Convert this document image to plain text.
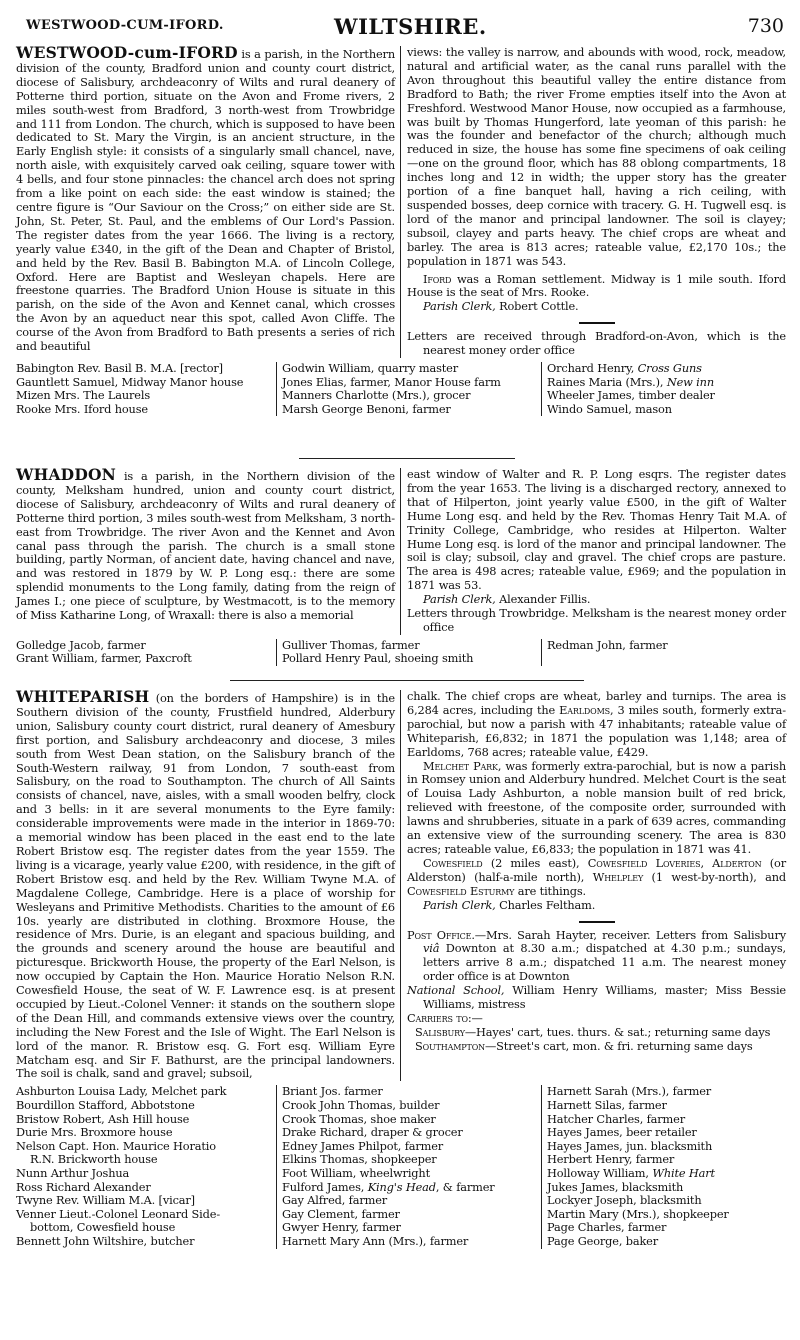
WESTWOOD-CUM-IFORD.	WILTSHIRE.	730

WESTWOOD-cum-IFORD is a parish, in the Northern division of the county, Bradford union and county court district, diocese of Salisbury, archdeaconry of Wilts and rural deanery of Potterne third portion, situate on the Avon and Frome rivers, 2 miles south-west from Bradford, 3 north-west from Trowbridge and 111 from London. The church, which is supposed to have been dedicated to St. Mary the Virgin, is an ancient structure, in the Early English style: it consists of a singularly small chancel, nave, north aisle, with exquisitely carved oak ceiling, square tower with 4 bells, and four stone pinnacles: the chancel arch does not spring from a like point on each side: the east window is stained; the centre figure is “Our Saviour on the Cross;” on either side are St. John, St. Peter, St. Paul, and the emblems of Our Lord's Passion. The register dates from the year 1666. The living is a rectory, yearly value £340, in the gift of the Dean and Chapter of Bristol, and held by the Rev. Basil B. Babington M.A. of Lincoln College, Oxford. Here are Baptist and Wesleyan chapels. Here are freestone quarries. The Bradford Union House is situate in this parish, on the side of the Avon and Kennet canal, which crosses the Avon by an aqueduct near this spot, called Avon Cliffe. The course of the Avon from Bradford to Bath presents a series of rich and beautiful

views: the valley is narrow, and abounds with wood, rock, meadow, natural and artificial water, as the canal runs parallel with the Avon throughout this beautiful valley the entire distance from Bradford to Bath; the river Frome empties itself into the Avon at Freshford. Westwood Manor House, now occupied as a farmhouse, was built by Thomas Hungerford, late yeoman of this parish: he was the founder and benefactor of the church; although much reduced in size, the house has some fine specimens of oak ceiling—one on the ground floor, which has 88 oblong compartments, 18 inches long and 12 in width; the upper story has the greater portion of a fine banquet hall, having a rich ceiling, with suspended bosses, deep cornice with tracery. G. H. Tugwell esq. is lord of the manor and principal landowner. The soil is clayey; subsoil, clayey and parts heavy. The chief crops are wheat and barley. The area is 813 acres; rateable value, £2,170 10s.; the population in 1871 was 543.

Iford was a Roman settlement. Midway is 1 mile south. Iford House is the seat of Mrs. Rooke.

Parish Clerk, Robert Cottle.

Letters are received through Bradford-on-Avon, which is the nearest money order office

Babington Rev. Basil B. M.A. [rector]
Gauntlett Samuel, Midway Manor house
Mizen Mrs. The Laurels
Rooke Mrs. Iford house
Godwin William, quarry master
Jones Elias, farmer, Manor House farm
Manners Charlotte (Mrs.), grocer
Marsh George Benoni, farmer
Orchard Henry, Cross Guns
Raines Maria (Mrs.), New inn
Wheeler James, timber dealer
Windo Samuel, mason

WHADDON is a parish, in the Northern division of the county, Melksham hundred, union and county court district, diocese of Salisbury, archdeaconry of Wilts and rural deanery of Potterne third portion, 3 miles south-west from Melksham, 3 north-east from Trowbridge. The river Avon and the Kennet and Avon canal pass through the parish. The church is a small stone building, partly Norman, of ancient date, having chancel and nave, and was restored in 1879 by W. P. Long esq.: there are some splendid monuments to the Long family, dating from the reign of James I.; one piece of sculpture, by Westmacott, is to the memory of Miss Katharine Long, of Wraxall: there is also a memorial

east window of Walter and R. P. Long esqrs. The register dates from the year 1653. The living is a discharged rectory, annexed to that of Hilperton, joint yearly value £500, in the gift of Walter Hume Long esq. and held by the Rev. Thomas Henry Tait M.A. of Trinity College, Cambridge, who resides at Hilperton. Walter Hume Long esq. is lord of the manor and principal landowner. The soil is clay; subsoil, clay and gravel. The chief crops are pasture. The area is 498 acres; rateable value, £969; and the population in 1871 was 53.

Parish Clerk, Alexander Fillis.

Letters through Trowbridge. Melksham is the nearest money order office

Golledge Jacob, farmer
Grant William, farmer, Paxcroft
Gulliver Thomas, farmer
Pollard Henry Paul, shoeing smith
Redman John, farmer

WHITEPARISH (on the borders of Hampshire) is in the Southern division of the county, Frustfield hundred, Alderbury union, Salisbury county court district, rural deanery of Amesbury first portion, and Salisbury archdeaconry and diocese, 3 miles south from West Dean station, on the Salisbury branch of the South-Western railway, 91 from London, 7 south-east from Salisbury, on the road to Southampton. The church of All Saints consists of chancel, nave, aisles, with a small wooden belfry, clock and 3 bells: in it are several monuments to the Eyre family: considerable improvements were made in the interior in 1869-70: a memorial window has been placed in the east end to the late Robert Bristow esq. The register dates from the year 1559. The living is a vicarage, yearly value £200, with residence, in the gift of Robert Bristow esq. and held by the Rev. William Twyne M.A. of Magdalene College, Cambridge. Here is a place of worship for Wesleyans and Primitive Methodists. Charities to the amount of £6 10s. yearly are distributed in clothing. Broxmore House, the residence of Mrs. Durie, is an elegant and spacious building, and the grounds and scenery around the house are beautiful and picturesque. Brickworth House, the property of the Earl Nelson, is now occupied by Captain the Hon. Maurice Horatio Nelson R.N. Cowesfield House, the seat of W. F. Lawrence esq. is at present occupied by Lieut.-Colonel Venner: it stands on the southern slope of the Dean Hill, and commands extensive views over the country, including the New Forest and the Isle of Wight. The Earl Nelson is lord of the manor. R. Bristow esq. G. Fort esq. William Eyre Matcham esq. and Sir F. Bathurst, are the principal landowners. The soil is chalk, sand and gravel; subsoil,

chalk. The chief crops are wheat, barley and turnips. The area is 6,284 acres, including the Earldoms, 3 miles south, formerly extra-parochial, but now a parish with 47 inhabitants; rateable value of Whiteparish, £6,832; in 1871 the population was 1,148; area of Earldoms, 768 acres; rateable value, £429.

Melchet Park, was formerly extra-parochial, but is now a parish in Romsey union and Alderbury hundred. Melchet Court is the seat of Louisa Lady Ashburton, a noble mansion built of red brick, relieved with freestone, of the composite order, surrounded with lawns and shrubberies, situate in a park of 639 acres, commanding an extensive view of the surrounding scenery. The area is 830 acres; rateable value, £6,833; the population in 1871 was 41.

Cowesfield (2 miles east), Cowesfield Loveries, Alderton (or Alderston) (half-a-mile north), Whelpley (1 west-by-north), and Cowesfield Esturmy are tithings.

Parish Clerk, Charles Feltham.

Post Office.—Mrs. Sarah Hayter, receiver. Letters from Salisbury viâ Downton at 8.30 a.m.; dispatched at 4.30 p.m.; sundays, letters arrive 8 a.m.; dispatched 11 a.m. The nearest money order office is at Downton

National School, William Henry Williams, master; Miss Bessie Williams, mistress

Carriers to:—

Salisbury—Hayes' cart, tues. thurs. & sat.; returning same days

Southampton—Street's cart, mon. & fri. returning same days

Ashburton Louisa Lady, Melchet park
Bourdillon Stafford, Abbotstone
Bristow Robert, Ash Hill house
Durie Mrs. Broxmore house
Nelson Capt. Hon. Maurice Horatio
R.N. Brickworth house
Nunn Arthur Joshua
Ross Richard Alexander
Twyne Rev. William M.A. [vicar]
Venner Lieut.-Colonel Leonard Side-
bottom, Cowesfield house
Bennett John Wiltshire, butcher
Briant Jos. farmer
Crook John Thomas, builder
Crook Thomas, shoe maker
Drake Richard, draper & grocer
Edney James Philpot, farmer
Elkins Thomas, shopkeeper
Foot William, wheelwright
Fulford James, King's Head, & farmer
Gay Alfred, farmer
Gay Clement, farmer
Gwyer Henry, farmer
Harnett Mary Ann (Mrs.), farmer
Harnett Sarah (Mrs.), farmer
Harnett Silas, farmer
Hatcher Charles, farmer
Hayes James, beer retailer
Hayes James, jun. blacksmith
Herbert Henry, farmer
Holloway William, White Hart
Jukes James, blacksmith
Lockyer Joseph, blacksmith
Martin Mary (Mrs.), shopkeeper
Page Charles, farmer
Page George, baker
